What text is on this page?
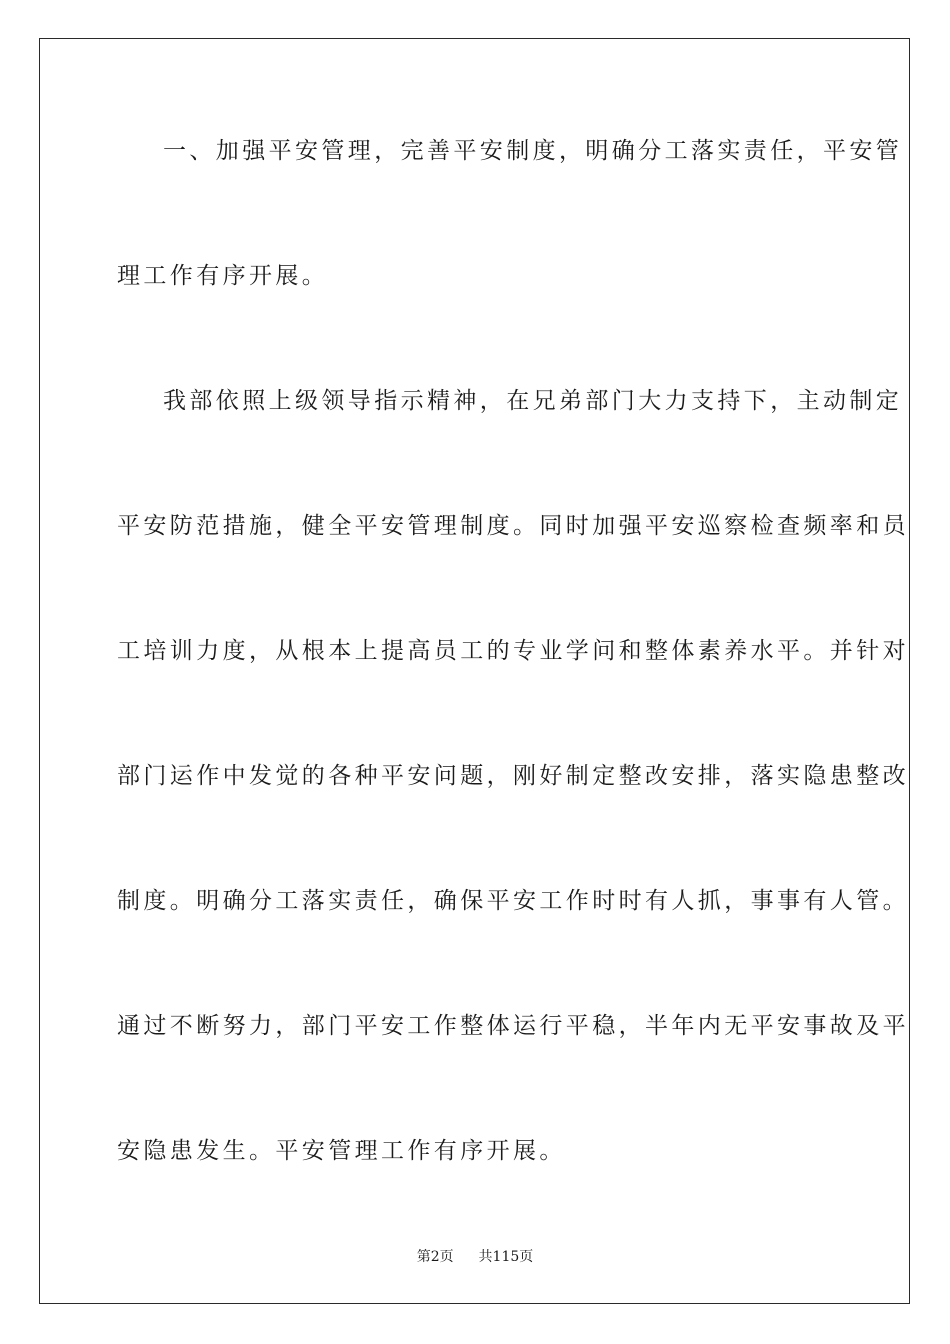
一、加强平安管理，完善平安制度，明确分工落实责任，平安管
理工作有序开展。
我部依照上级领导指示精神，在兄弟部门大力支持下，主动制定
平安防范措施，健全平安管理制度。同时加强平安巡察检查频率和员
工培训力度，从根本上提高员工的专业学问和整体素养水平。并针对
部门运作中发觉的各种平安问题，刚好制定整改安排，落实隐患整改
制度。明确分工落实责任，确保平安工作时时有人抓，事事有人管。
通过不断努力，部门平安工作整体运行平稳，半年内无平安事故及平
安隐患发生。平安管理工作有序开展。
第2页 共115页
